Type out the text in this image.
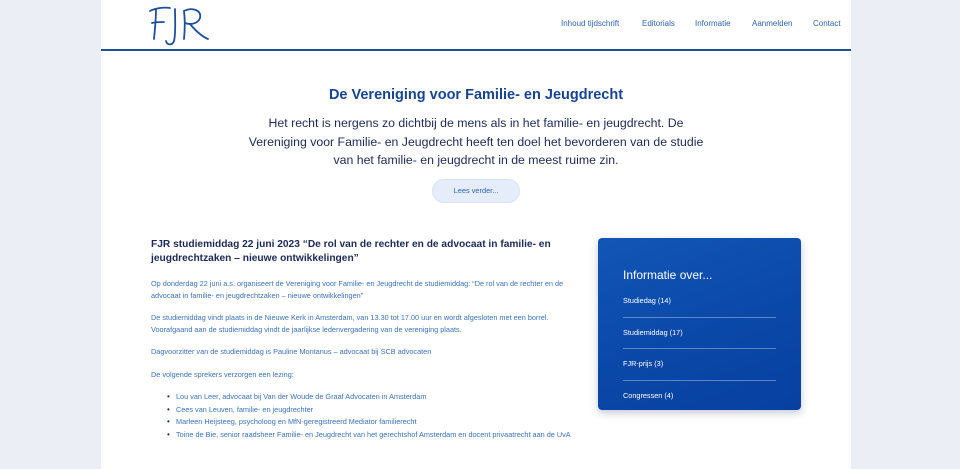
Inhoud tijdschrift	Editorials	Informatie	Aanmelden	Contact
De Vereniging voor Familie- en Jeugdrecht

Het recht is nergens zo dichtbij de mens als in het familie- en jeugdrecht. De Vereniging voor Familie- en Jeugdrecht heeft ten doel het bevorderen van de studie van het familie- en jeugdrecht in de meest ruime zin.

Lees verder...
FJR studiemiddag 22 juni 2023 “De rol van de rechter en de advocaat in familie- en jeugdrechtzaken – nieuwe ontwikkelingen”

Op donderdag 22 juni a.s. organiseert de Vereniging voor Familie- en Jeugdrecht de studiemiddag: “De rol van de rechter en de advocaat in familie- en jeugdrechtzaken – nieuwe ontwikkelingen”

De studiemiddag vindt plaats in de Nieuwe Kerk in Amsterdam, van 13.30 tot 17.00 uur en wordt afgesloten met een borrel. Voorafgaand aan de studiemiddag vindt de jaarlijkse ledenvergadering van de vereniging plaats.

Dagvoorzitter van de studiemiddag is Pauline Montanus – advocaat bij SCB advocaten

De volgende sprekers verzorgen een lezing:

• Lou van Leer, advocaat bij Van der Woude de Graaf Advocaten in Amsterdam
• Cees van Leuven, familie- en jeugdrechter
• Marleen Heijsteeg, psycholoog en MfN-geregistreerd Mediator familierecht
• Toine de Bie, senior raadsheer Familie- en Jeugdrecht van het gerechtshof Amsterdam en docent privaatrecht aan de UvA
Informatie over...
Studiedag (14)
Studiemiddag (17)
FJR-prijs (3)
Congressen (4)
